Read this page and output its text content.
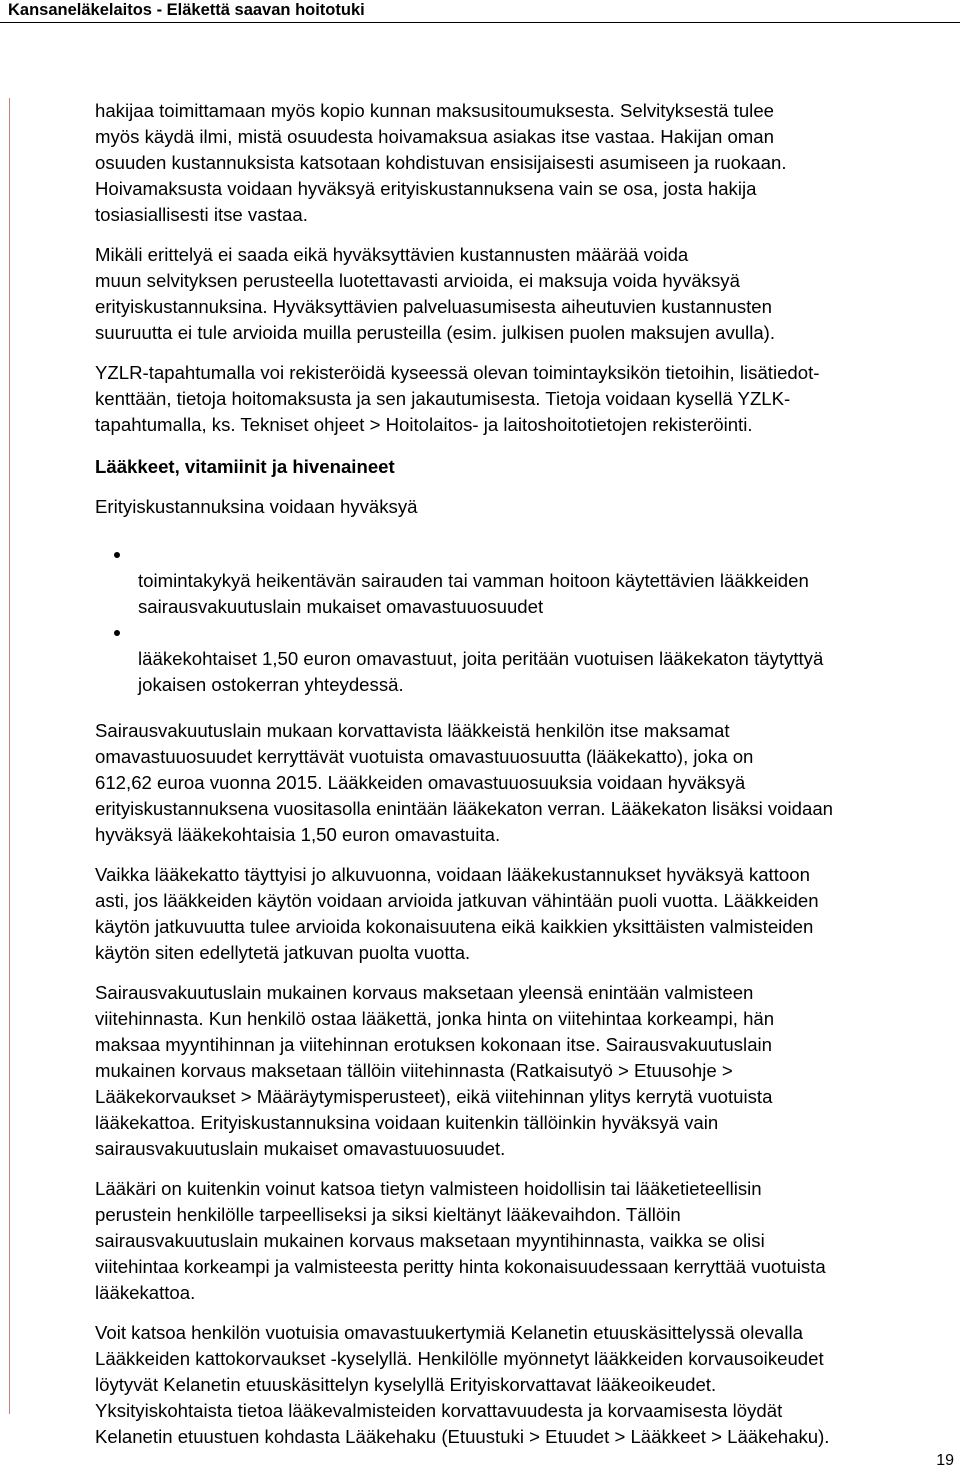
Kansaneläkelaitos - Eläkettä saavan hoitotuki

hakijaa toimittamaan myös kopio kunnan maksusitoumuksesta. Selvityksestä tulee
myös käydä ilmi, mistä osuudesta hoivamaksua asiakas itse vastaa. Hakijan oman
osuuden kustannuksista katsotaan kohdistuvan ensisijaisesti asumiseen ja ruokaan.
Hoivamaksusta voidaan hyväksyä erityiskustannuksena vain se osa, josta hakija
tosiasiallisesti itse vastaa.

Mikäli erittelyä ei saada eikä hyväksyttävien kustannusten määrää voida
muun selvityksen perusteella luotettavasti arvioida, ei maksuja voida hyväksyä
erityiskustannuksina. Hyväksyttävien palveluasumisesta aiheutuvien kustannusten
suuruutta ei tule arvioida muilla perusteilla (esim. julkisen puolen maksujen avulla).

YZLR-tapahtumalla voi rekisteröidä kyseessä olevan toimintayksikön tietoihin, lisätiedot-
kenttään, tietoja hoitomaksusta ja sen jakautumisesta. Tietoja voidaan kysellä YZLK-
tapahtumalla, ks. Tekniset ohjeet > Hoitolaitos- ja laitoshoitotietojen rekisteröinti.

Lääkkeet, vitamiinit ja hivenaineet

Erityiskustannuksina voidaan hyväksyä

toimintakykyä heikentävän sairauden tai vamman hoitoon käytettävien lääkkeiden
sairausvakuutuslain mukaiset omavastuuosuudet

lääkekohtaiset 1,50 euron omavastuut, joita peritään vuotuisen lääkekaton täytyttyä
jokaisen ostokerran yhteydessä.

Sairausvakuutuslain mukaan korvattavista lääkkeistä henkilön itse maksamat
omavastuuosuudet kerryttävät vuotuista omavastuuosuutta (lääkekatto), joka on
612,62 euroa vuonna 2015. Lääkkeiden omavastuuosuuksia voidaan hyväksyä
erityiskustannuksena vuositasolla enintään lääkekaton verran. Lääkekaton lisäksi voidaan
hyväksyä lääkekohtaisia 1,50 euron omavastuita.

Vaikka lääkekatto täyttyisi jo alkuvuonna, voidaan lääkekustannukset hyväksyä kattoon
asti, jos lääkkeiden käytön voidaan arvioida jatkuvan vähintään puoli vuotta. Lääkkeiden
käytön jatkuvuutta tulee arvioida kokonaisuutena eikä kaikkien yksittäisten valmisteiden
käytön siten edellytetä jatkuvan puolta vuotta.

Sairausvakuutuslain mukainen korvaus maksetaan yleensä enintään valmisteen
viitehinnasta. Kun henkilö ostaa lääkettä, jonka hinta on viitehintaa korkeampi, hän
maksaa myyntihinnan ja viitehinnan erotuksen kokonaan itse. Sairausvakuutuslain
mukainen korvaus maksetaan tällöin viitehinnasta (Ratkaisutyö > Etuusohje >
Lääkekorvaukset > Määräytymisperusteet), eikä viitehinnan ylitys kerrytä vuotuista
lääkekattoa. Erityiskustannuksina voidaan kuitenkin tällöinkin hyväksyä vain
sairausvakuutuslain mukaiset omavastuuosuudet.

Lääkäri on kuitenkin voinut katsoa tietyn valmisteen hoidollisin tai lääketieteellisin
perustein henkilölle tarpeelliseksi ja siksi kieltänyt lääkevaihdon. Tällöin
sairausvakuutuslain mukainen korvaus maksetaan myyntihinnasta, vaikka se olisi
viitehintaa korkeampi ja valmisteesta peritty hinta kokonaisuudessaan kerryttää vuotuista
lääkekattoa.

Voit katsoa henkilön vuotuisia omavastuukertymiä Kelanetin etuuskäsittelyssä olevalla
Lääkkeiden kattokorvaukset -kyselyllä. Henkilölle myönnetyt lääkkeiden korvausoikeudet
löytyvät Kelanetin etuuskäsittelyn kyselyllä Erityiskorvattavat lääkeoikeudet.
Yksityiskohtaista tietoa lääkevalmisteiden korvattavuudesta ja korvaamisesta löydät
Kelanetin etuustuen kohdasta Lääkehaku (Etuustuki > Etuudet > Lääkkeet > Lääkehaku).

19
